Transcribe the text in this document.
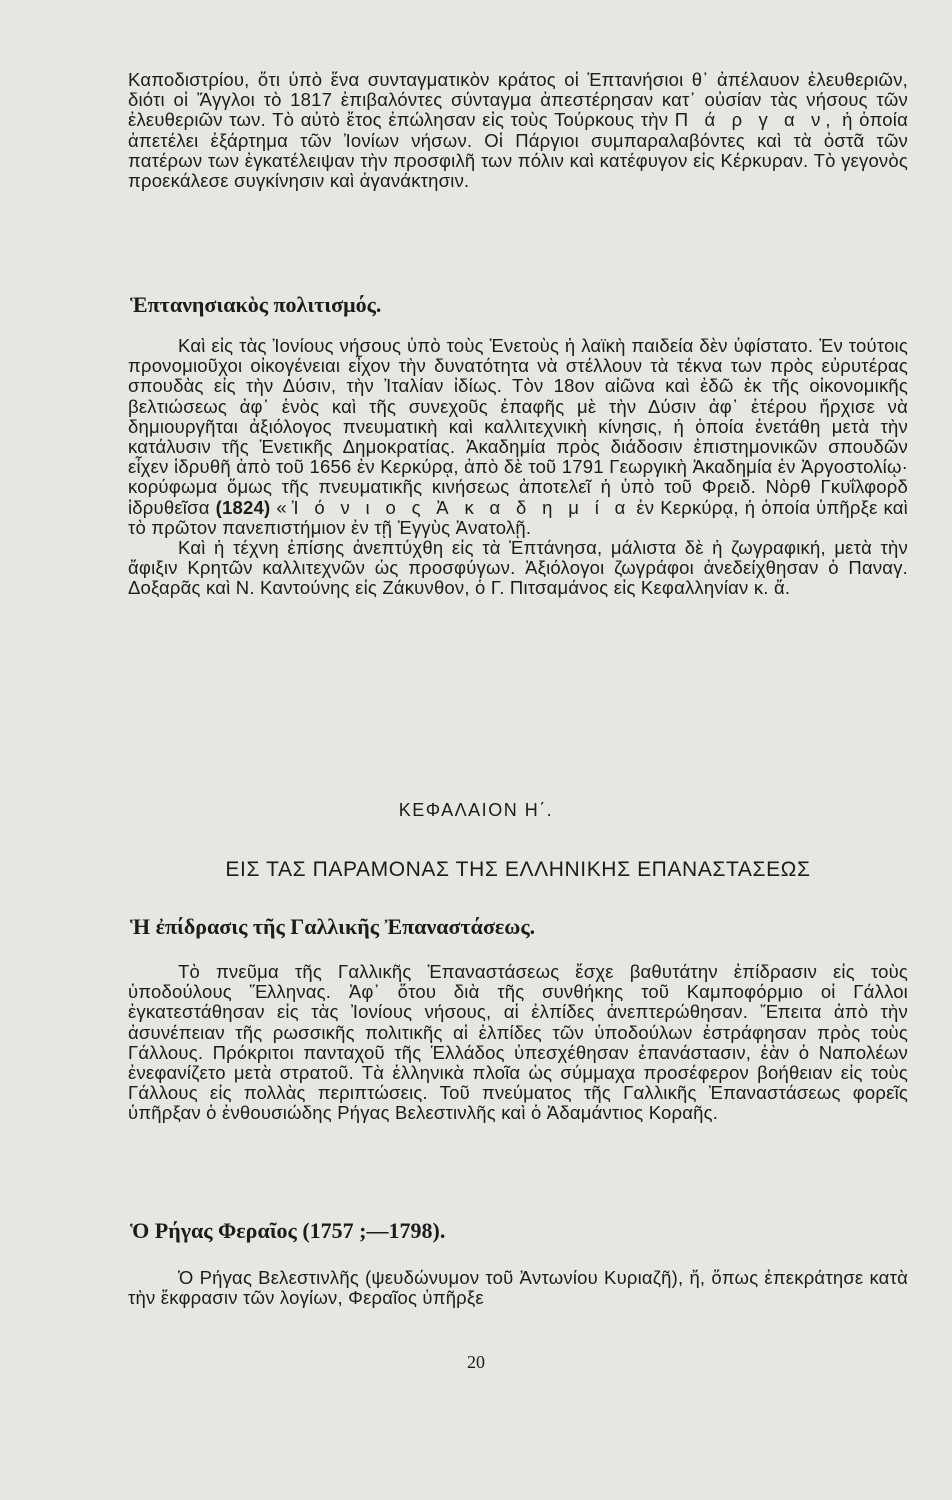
Καποδιστρίου, ὅτι ὑπὸ ἕνα συνταγματικὸν κράτος οἱ Ἑπτανήσιοι θ᾽ ἀπέλαυον ἐλευθεριῶν, διότι οἱ Ἄγγλοι τὸ 1817 ἐπιβαλόντες σύνταγμα ἀπεστέρησαν κατ᾽ οὐσίαν τὰς νήσους τῶν ἐλευθεριῶν των. Τὸ αὐτὸ ἔτος ἐπώλησαν εἰς τοὺς Τούρκους τὴν Π ά ρ γ α ν, ἡ ὁποία ἀπετέλει ἐξάρτημα τῶν Ἰονίων νήσων. Οἱ Πάργιοι συμπαραλαβόντες καὶ τὰ ὀστᾶ τῶν πατέρων των ἐγκατέλειψαν τὴν προσφιλῆ των πόλιν καὶ κατέφυγον εἰς Κέρκυραν. Τὸ γεγονὸς προεκάλεσε συγκίνησιν καὶ ἀγανάκτησιν.

Ἑπτανησιακὸς πολιτισμός.

Καὶ εἰς τὰς Ἰονίους νήσους ὑπὸ τοὺς Ἑνετοὺς ἡ λαϊκὴ παιδεία δὲν ὑφίστατο. Ἐν τούτοις προνομιοῦχοι οἰκογένειαι εἶχον τὴν δυνατότητα νὰ στέλλουν τὰ τέκνα των πρὸς εὐρυτέρας σπουδὰς εἰς τὴν Δύσιν, τὴν Ἰταλίαν ἰδίως. Τὸν 18ον αἰῶνα καὶ ἐδῶ ἐκ τῆς οἰκονομικῆς βελτιώσεως ἀφ᾽ ἑνὸς καὶ τῆς συνεχοῦς ἐπαφῆς μὲ τὴν Δύσιν ἀφ᾽ ἑτέρου ἤρχισε νὰ δημιουργῆται ἀξιόλογος πνευματικὴ καὶ καλλιτεχνικὴ κίνησις, ἡ ὁποία ἐνετάθη μετὰ τὴν κατάλυσιν τῆς Ἑνετικῆς Δημοκρατίας. Ἀκαδημία πρὸς διάδοσιν ἐπιστημονικῶν σπουδῶν εἶχεν ἱδρυθῆ ἀπὸ τοῦ 1656 ἐν Κερκύρᾳ, ἀπὸ δὲ τοῦ 1791 Γεωργικὴ Ἀκαδημία ἐν Ἀργοστολίῳ· κορύφωμα ὅμως τῆς πνευματικῆς κινήσεως ἀποτελεῖ ἡ ὑπὸ τοῦ Φρειδ. Νὸρθ Γκυΐλφορδ ἱδρυθεῖσα (1824) «Ἰ ό ν ι ο ς Ἀ κ α δ η μ ί α ἐν Κερκύρᾳ, ἡ ὁποία ὑπῆρξε καὶ τὸ πρῶτον πανεπιστήμιον ἐν τῇ Ἐγγὺς Ἀνατολῇ.

Καὶ ἡ τέχνη ἐπίσης ἀνεπτύχθη εἰς τὰ Ἑπτάνησα, μάλιστα δὲ ἡ ζωγραφική, μετὰ τὴν ἄφιξιν Κρητῶν καλλιτεχνῶν ὡς προσφύγων. Ἀξιόλογοι ζωγράφοι ἀνεδείχθησαν ὁ Παναγ. Δοξαρᾶς καὶ Ν. Καντούνης εἰς Ζάκυνθον, ὁ Γ. Πιτσαμάνος εἰς Κεφαλληνίαν κ. ἄ.

ΚΕΦΑΛΑΙΟΝ Η΄.
ΕΙΣ ΤΑΣ ΠΑΡΑΜΟΝΑΣ ΤΗΣ ΕΛΛΗΝΙΚΗΣ ΕΠΑΝΑΣΤΑΣΕΩΣ
Ἡ ἐπίδρασις τῆς Γαλλικῆς Ἐπαναστάσεως.

Τὸ πνεῦμα τῆς Γαλλικῆς Ἐπαναστάσεως ἔσχε βαθυτάτην ἐπίδρασιν εἰς τοὺς ὑποδούλους Ἕλληνας. Ἀφ᾽ ὅτου διὰ τῆς συνθήκης τοῦ Καμποφόρμιο οἱ Γάλλοι ἐγκατεστάθησαν εἰς τὰς Ἰονίους νήσους, αἱ ἐλπίδες ἀνεπτερώθησαν. Ἔπειτα ἀπὸ τὴν ἀσυνέπειαν τῆς ρωσσικῆς πολιτικῆς αἱ ἐλπίδες τῶν ὑποδούλων ἐστράφησαν πρὸς τοὺς Γάλλους. Πρόκριτοι πανταχοῦ τῆς Ἑλλάδος ὑπεσχέθησαν ἐπανάστασιν, ἐὰν ὁ Ναπολέων ἐνεφανίζετο μετὰ στρατοῦ. Τὰ ἑλληνικὰ πλοῖα ὡς σύμμαχα προσέφερον βοήθειαν εἰς τοὺς Γάλλους εἰς πολλὰς περιπτώσεις. Τοῦ πνεύματος τῆς Γαλλικῆς Ἐπαναστάσεως φορεῖς ὑπῆρξαν ὁ ἐνθουσιώδης Ρήγας Βελεστινλῆς καὶ ὁ Ἀδαμάντιος Κοραῆς.

Ὁ Ρήγας Φεραῖος (1757 ;—1798).

Ὁ Ρήγας Βελεστινλῆς (ψευδώνυμον τοῦ Ἀντωνίου Κυριαζῆ), ἤ, ὅπως ἐπεκράτησε κατὰ τὴν ἔκφρασιν τῶν λογίων, Φεραῖος ὑπῆρξε

20
